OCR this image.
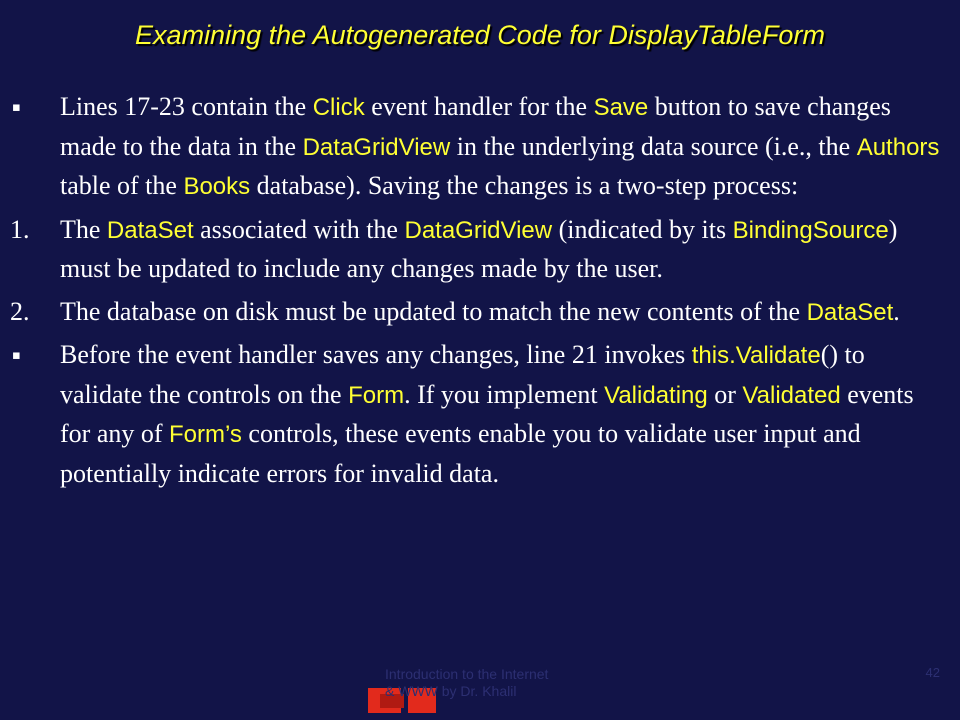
Examining the Autogenerated Code for DisplayTableForm
▪	Lines 17-23 contain the Click event handler for the Save button to save changes made to the data in the DataGridView in the underlying data source (i.e., the Authors table of the Books database). Saving the changes is a two-step process:
1.	The DataSet associated with the DataGridView (indicated by its BindingSource) must be updated to include any changes made by the user.
2.	The database on disk must be updated to match the new contents of the DataSet.
▪	Before the event handler saves any changes, line 21 invokes this.Validate() to validate the controls on the Form. If you implement Validating or Validated events for any of Form’s controls, these events enable you to validate user input and potentially indicate errors for invalid data.
Introduction to the Internet
& WWW by Dr. Khalil
42
